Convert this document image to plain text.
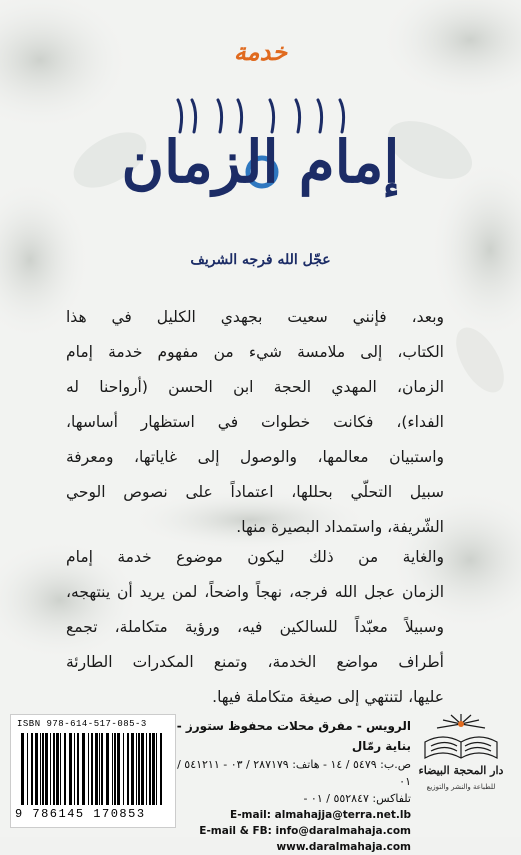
خدمة
إمام الزمان
عجّل الله فرجه الشريف
وبعد، فإنني سعيت بجهدي الكليل في هذا
الكتاب، إلى ملامسة شيء من مفهوم خدمة إمام
الزمان، المهدي الحجة ابن الحسن (أرواحنا له
الفداء)، فكانت خطوات في استظهار أساسها،
واستبيان معالمها، والوصول إلى غاياتها، ومعرفة
سبيل التحلّي بحللها، اعتماداً على نصوص الوحي
الشّريفة، واستمداد البصيرة منها.
والغاية من ذلك ليكون موضوع خدمة إمام
الزمان عجل الله فرجه، نهجاً واضحاً، لمن يريد أن ينتهجه،
وسبيلاً معبّداً للسالكين فيه، ورؤية متكاملة، تجمع
أطراف مواضع الخدمة، وتمنع المكدرات الطارئة
عليها، لتنتهي إلى صيغة متكاملة فيها.
ISBN 978-614-517-085-3
9 786145 170853
الرويس - مفرق محلات محفوظ ستورز - بناية رمّال
ص.ب: ٥٤٧٩ / ١٤ - هاتف: ٢٨٧١٧٩ / ٠٣ - ٥٤١٢١١ / ٠١
تلفاكس: ٥٥٢٨٤٧ / ٠١ -
E-mail: almahajja@terra.net.lb
E-mail & FB: info@daralmahaja.com
www.daralmahaja.com
دار المحجة البيضاء
للطباعة والنشر والتوزيع
